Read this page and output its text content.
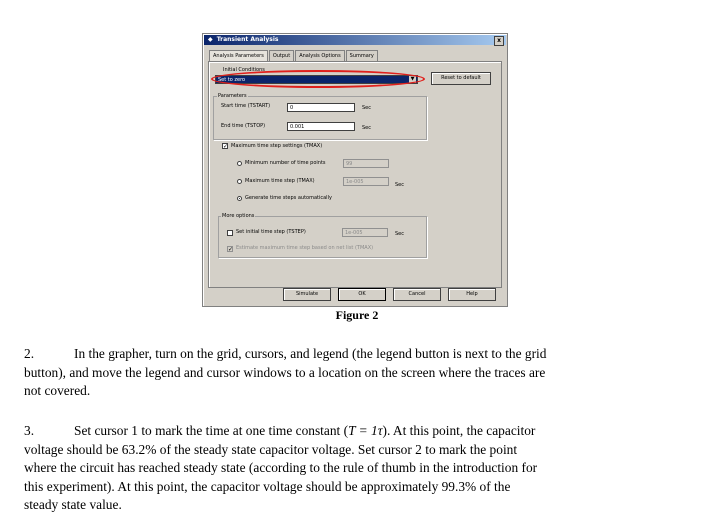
◆ Transient Analysis	x
Analysis Parameters	Output	Analysis Options	Summary
Initial Conditions
Set to zero	▼	Reset to default
Parameters
Start time (TSTART)	0	Sec
End time (TSTOP)	0.001	Sec
✓ Maximum time step settings (TMAX)
Minimum number of time points	99
Maximum time step (TMAX)	1e-005	Sec
Generate time steps automatically
More options
Set initial time step (TSTEP)	1e-005	Sec
✓ Estimate maximum time step based on net list (TMAX)
Simulate	OK	Cancel	Help
Figure 2
2.	In the grapher, turn on the grid, cursors, and legend (the legend button is next to the grid
button), and move the legend and cursor windows to a location on the screen where the traces are
not covered.
3.	Set cursor 1 to mark the time at one time constant (T = 1τ). At this point, the capacitor
voltage should be 63.2% of the steady state capacitor voltage. Set cursor 2 to mark the point
where the circuit has reached steady state (according to the rule of thumb in the introduction for
this experiment). At this point, the capacitor voltage should be approximately 99.3% of the
steady state value.
